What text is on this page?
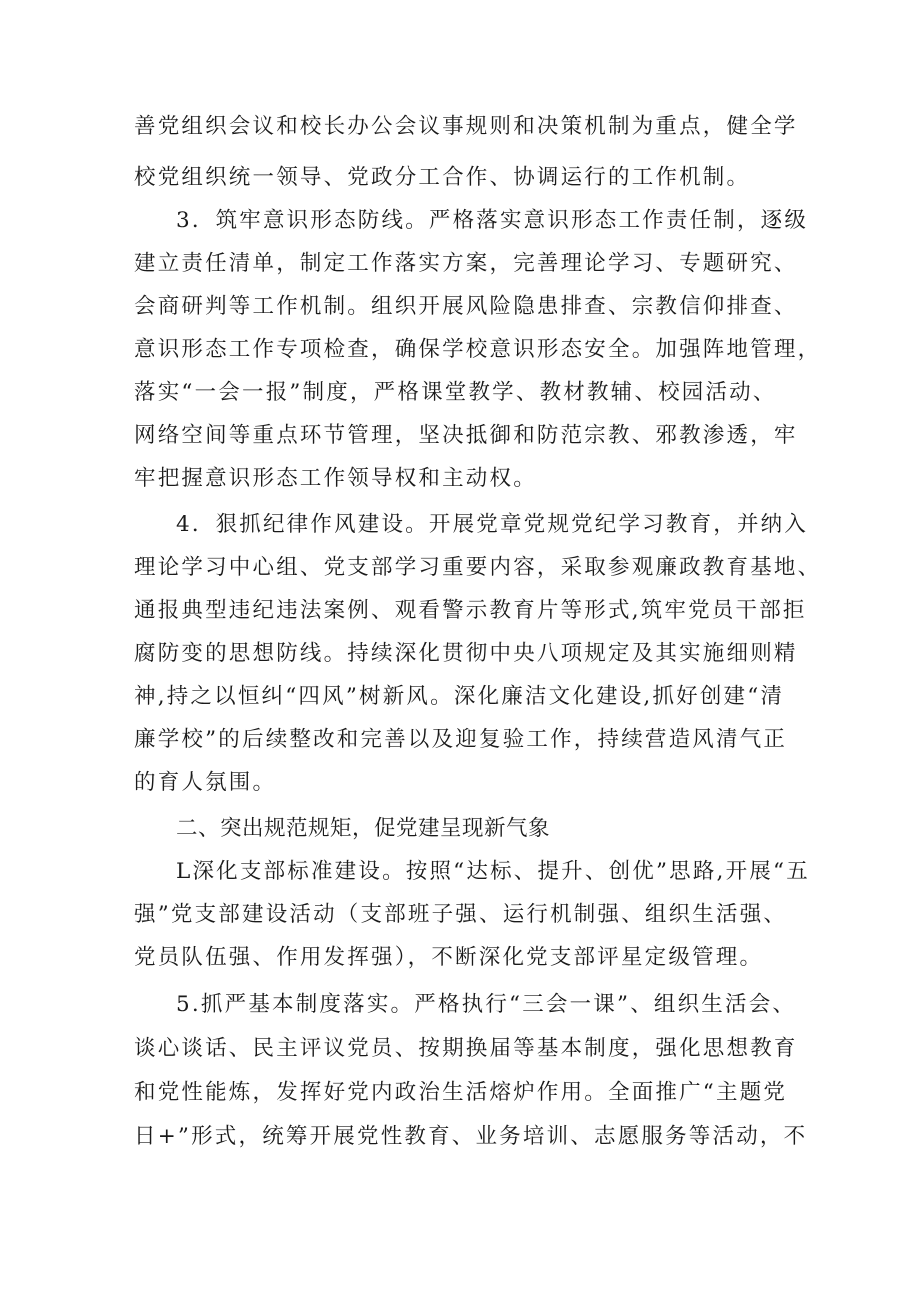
善党组织会议和校长办公会议事规则和决策机制为重点，健全学
校党组织统一领导、党政分工合作、协调运行的工作机制。
3．筑牢意识形态防线。严格落实意识形态工作责任制，逐级
建立责任清单，制定工作落实方案，完善理论学习、专题研究、
会商研判等工作机制。组织开展风险隐患排查、宗教信仰排查、
意识形态工作专项检查，确保学校意识形态安全。加强阵地管理，
落实“一会一报”制度，严格课堂教学、教材教辅、校园活动、
网络空间等重点环节管理，坚决抵御和防范宗教、邪教渗透，牢
牢把握意识形态工作领导权和主动权。
4．狠抓纪律作风建设。开展党章党规党纪学习教育，并纳入
理论学习中心组、党支部学习重要内容，采取参观廉政教育基地、
通报典型违纪违法案例、观看警示教育片等形式,筑牢党员干部拒
腐防变的思想防线。持续深化贯彻中央八项规定及其实施细则精
神,持之以恒纠“四风”树新风。深化廉洁文化建设,抓好创建“清
廉学校”的后续整改和完善以及迎复验工作，持续营造风清气正
的育人氛围。
二、突出规范规矩，促党建呈现新气象
L深化支部标准建设。按照“达标、提升、创优”思路,开展“五
强”党支部建设活动（支部班子强、运行机制强、组织生活强、
党员队伍强、作用发挥强），不断深化党支部评星定级管理。
5.抓严基本制度落实。严格执行“三会一课”、组织生活会、
谈心谈话、民主评议党员、按期换届等基本制度，强化思想教育
和党性能炼，发挥好党内政治生活熔炉作用。全面推广“主题党
日+”形式，统筹开展党性教育、业务培训、志愿服务等活动，不
